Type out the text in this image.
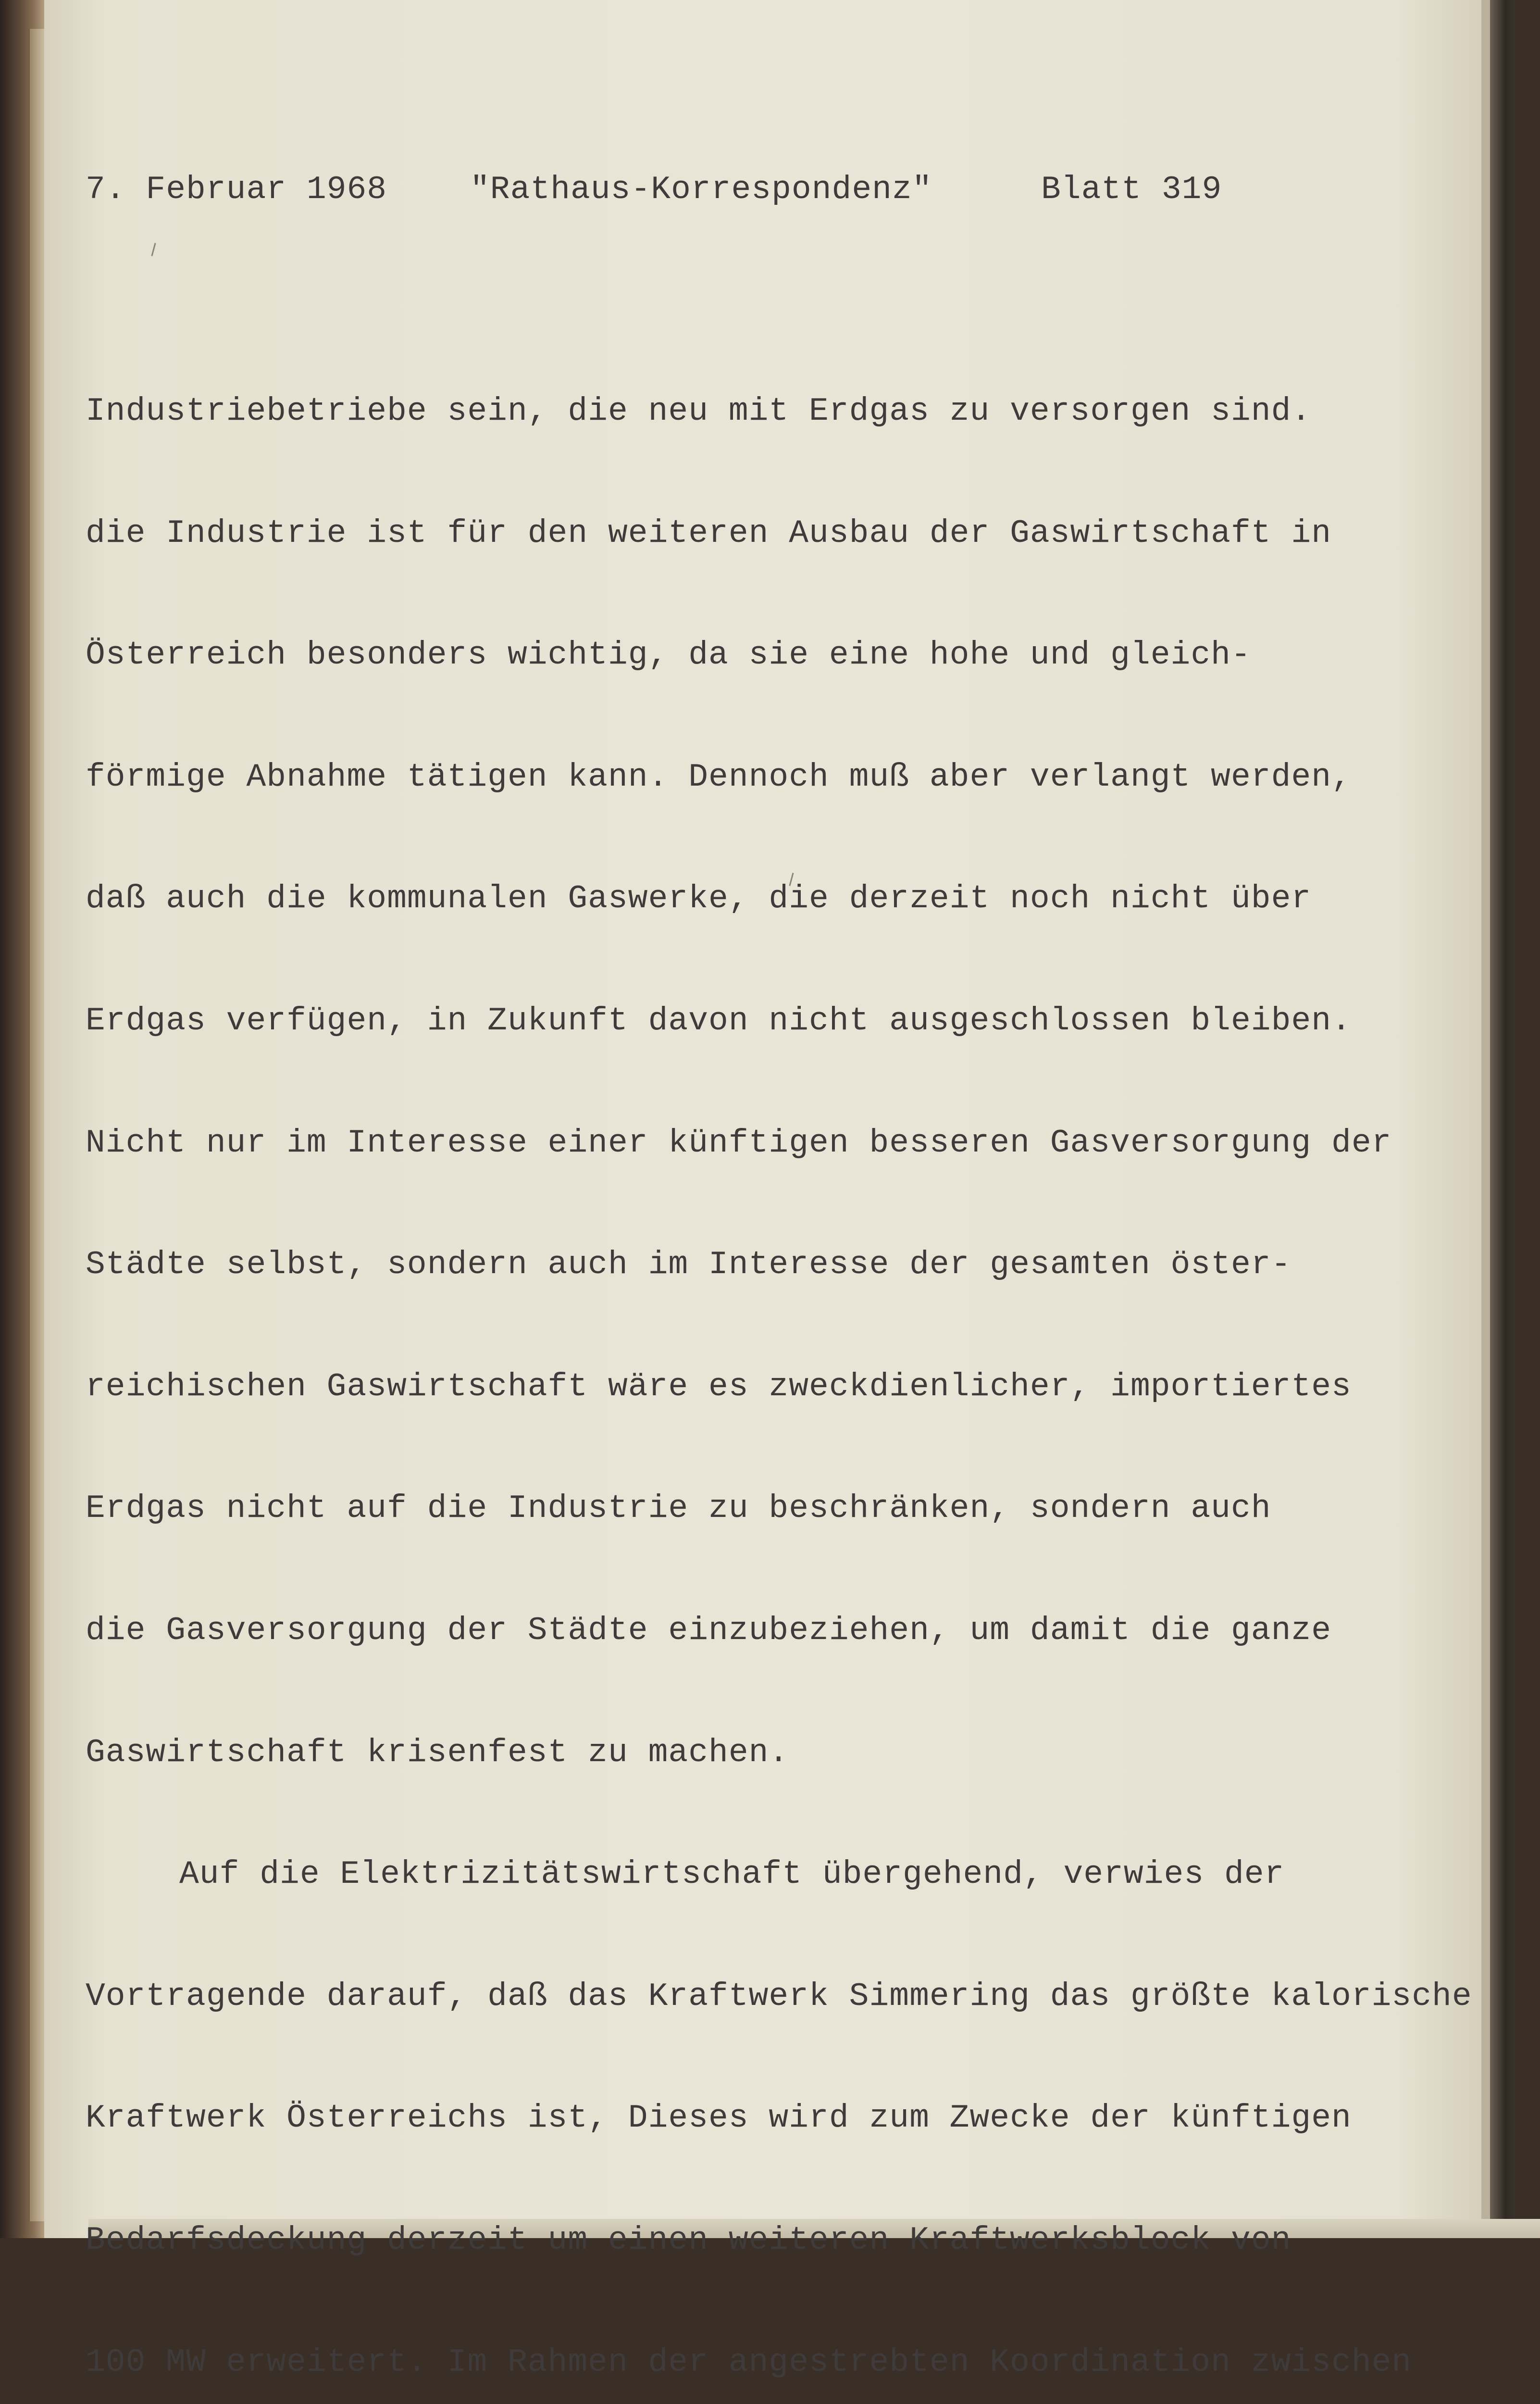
7. Februar 1968	"Rathaus-Korrespondenz"	Blatt 319

Industriebetriebe sein, die neu mit Erdgas zu versorgen sind.

die Industrie ist für den weiteren Ausbau der Gaswirtschaft in

Österreich besonders wichtig, da sie eine hohe und gleich-

förmige Abnahme tätigen kann. Dennoch muß aber verlangt werden,

daß auch die kommunalen Gaswerke, die derzeit noch nicht über

Erdgas verfügen, in Zukunft davon nicht ausgeschlossen bleiben.

Nicht nur im Interesse einer künftigen besseren Gasversorgung der

Städte selbst, sondern auch im Interesse der gesamten öster-

reichischen Gaswirtschaft wäre es zweckdienlicher, importiertes

Erdgas nicht auf die Industrie zu beschränken, sondern auch

die Gasversorgung der Städte einzubeziehen, um damit die ganze

Gaswirtschaft krisenfest zu machen.

Auf die Elektrizitätswirtschaft übergehend, verwies der

Vortragende darauf, daß das Kraftwerk Simmering das größte kalorische

Kraftwerk Österreichs ist, Dieses wird zum Zwecke der künftigen

Bedarfsdeckung derzeit um einen weiteren Kraftwerksblock von

100 MW erweitert. Im Rahmen der angestrebten Koordination zwischen
